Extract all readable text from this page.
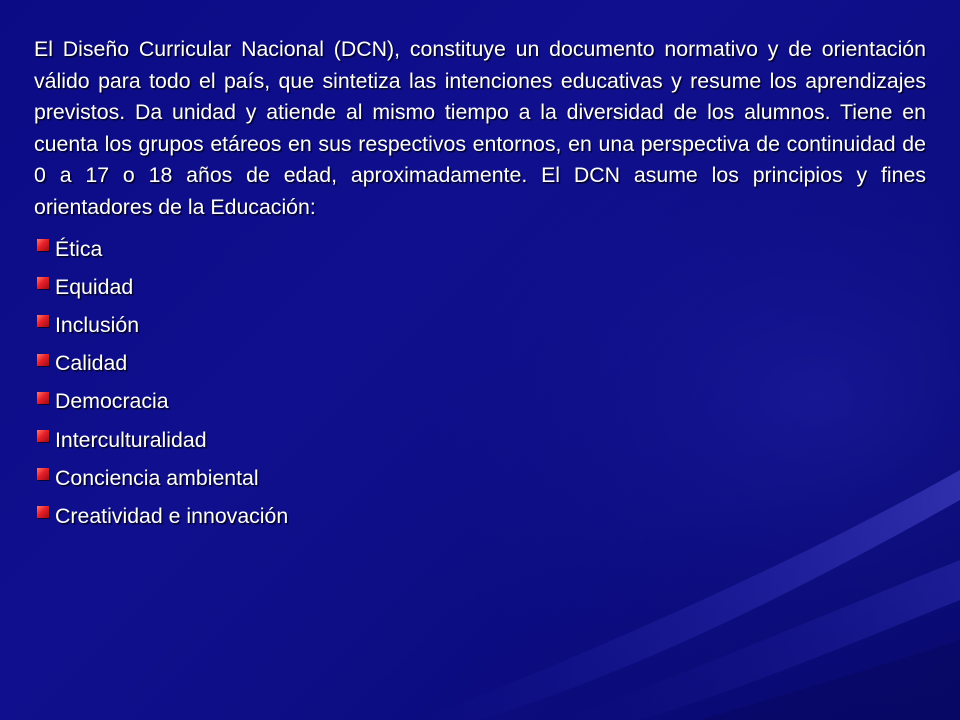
El Diseño Curricular Nacional (DCN), constituye un documento normativo y de orientación válido para todo el país, que sintetiza las intenciones educativas y resume los aprendizajes previstos. Da unidad y atiende al mismo tiempo a la diversidad de los alumnos. Tiene en cuenta los grupos etáreos en sus respectivos entornos, en una perspectiva de continuidad de 0 a 17 o 18 años de edad, aproximadamente. El DCN asume los principios y fines orientadores de la Educación:

Ética
Equidad
Inclusión
Calidad
Democracia
Interculturalidad
Conciencia ambiental
Creatividad e innovación
